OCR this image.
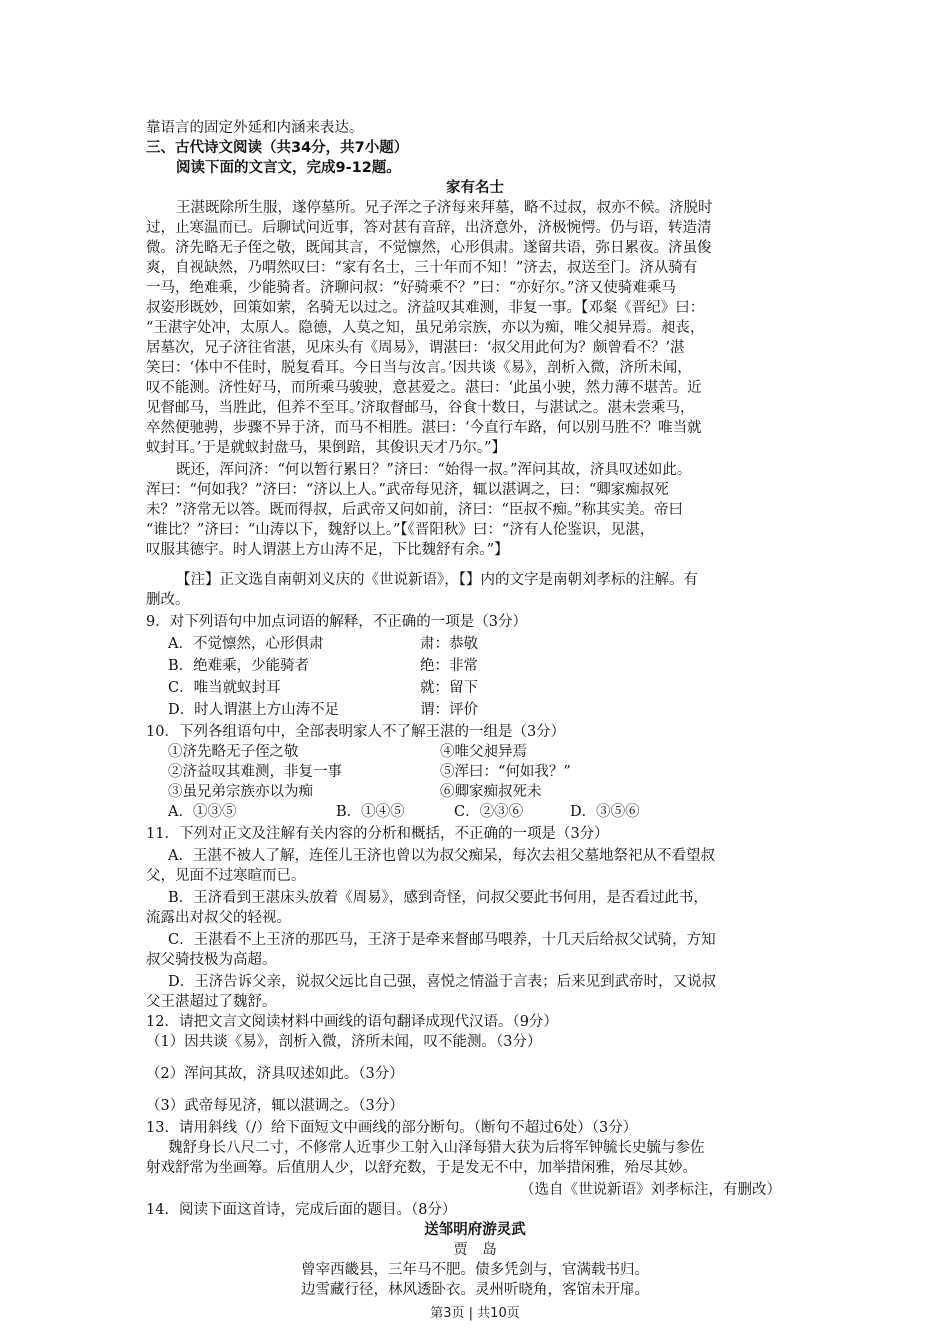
靠语言的固定外延和内涵来表达。
三、古代诗文阅读（共34分，共7小题）
阅读下面的文言文，完成9-12题。
家有名士
王湛既除所生服，遂停墓所。兄子浑之子济每来拜墓，略不过叔，叔亦不候。济脱时
过，止寒温而已。后聊试问近事，答对甚有音辞，出济意外，济极惋愕。仍与语，转造清
微。济先略无子侄之敬，既闻其言，不觉懔然，心形俱肃。遂留共语，弥日累夜。济虽俊
爽，自视缺然，乃喟然叹曰：“家有名士，三十年而不知！”济去，叔送至门。济从骑有
一马，绝难乘，少能骑者。济聊问叔：“好骑乘不？”曰：“亦好尔。”济又使骑难乘马
叔姿形既妙，回策如萦，名骑无以过之。济益叹其难测，非复一事。【邓粲《晋纪》曰：
“王湛字处冲，太原人。隐德，人莫之知，虽兄弟宗族，亦以为痴，唯父昶异焉。昶丧，
居墓次，兄子济往省湛，见床头有《周易》，谓湛曰：‘叔父用此何为？颇曾看不？’湛
笑曰：‘体中不佳时，脱复看耳。今日当与汝言。’因共谈《易》，剖析入微，济所未闻，
叹不能测。济性好马，而所乘马骏驶，意甚爱之。湛曰：‘此虽小驶，然力薄不堪苦。近
见督邮马，当胜此，但养不至耳。’济取督邮马，谷食十数日，与湛试之。湛未尝乘马，
卒然便驰骋，步骤不异于济，而马不相胜。湛曰：‘今直行车路，何以别马胜不？唯当就
蚁封耳。’于是就蚁封盘马，果倒踣，其俊识天才乃尔。”】
既还，浑问济：“何以暂行累日？”济曰：“始得一叔。”浑问其故，济具叹述如此。
浑曰：“何如我？”济曰：“济以上人。”武帝每见济，辄以湛调之，曰：“卿家痴叔死
未？”济常无以答。既而得叔，后武帝又问如前，济曰：“臣叔不痴。”称其实美。帝曰
“谁比？”济曰：“山涛以下，魏舒以上。”【《晋阳秋》曰：“济有人伦鉴识，见湛，
叹服其德宇。时人谓湛上方山涛不足，下比魏舒有余。”】
【注】正文选自南朝刘义庆的《世说新语》，【】内的文字是南朝刘孝标的注解。有
删改。
9．对下列语句中加点词语的解释，不正确的一项是（3分）
A．不觉懔然，心形俱肃	肃：恭敬
B．绝难乘，少能骑者	绝：非常
C．唯当就蚁封耳	就：留下
D．时人谓湛上方山涛不足	谓：评价
10．下列各组语句中，全部表明家人不了解王湛的一组是（3分）
①济先略无子侄之敬	④唯父昶异焉
②济益叹其难测，非复一事	⑤浑曰：“何如我？”
③虽兄弟宗族亦以为痴	⑥卿家痴叔死未
A．①③⑤	B．①④⑤	C．②③⑥	D．③⑤⑥
11．下列对正文及注解有关内容的分析和概括，不正确的一项是（3分）
A．王湛不被人了解，连侄儿王济也曾以为叔父痴呆，每次去祖父墓地祭祀从不看望叔
父，见面不过寒暄而已。
B．王济看到王湛床头放着《周易》，感到奇怪，问叔父要此书何用，是否看过此书，
流露出对叔父的轻视。
C．王湛看不上王济的那匹马，王济于是牵来督邮马喂养，十几天后给叔父试骑，方知
叔父骑技极为高超。
D．王济告诉父亲，说叔父远比自己强，喜悦之情溢于言表；后来见到武帝时，又说叔
父王湛超过了魏舒。
12．请把文言文阅读材料中画线的语句翻译成现代汉语。（9分）
（1）因共谈《易》，剖析入微，济所未闻，叹不能测。（3分）
（2）浑问其故，济具叹述如此。（3分）
（3）武帝每见济，辄以湛调之。（3分）
13．请用斜线（/）给下面短文中画线的部分断句。（断句不超过6处）（3分）
魏舒身长八尺二寸，不修常人近事少工射入山泽每猎大获为后将军钟毓长史毓与参佐
射戏舒常为坐画筹。后值朋人少，以舒充数，于是发无不中，加举措闲雅，殆尽其妙。
（选自《世说新语》刘孝标注，有删改）
14．阅读下面这首诗，完成后面的题目。（8分）
送邹明府游灵武
贾　岛
曾宰西畿县，三年马不肥。债多凭剑与，官满载书归。
边雪藏行径，林风透卧衣。灵州听晓角，客馆未开扉。
第3页 | 共10页
